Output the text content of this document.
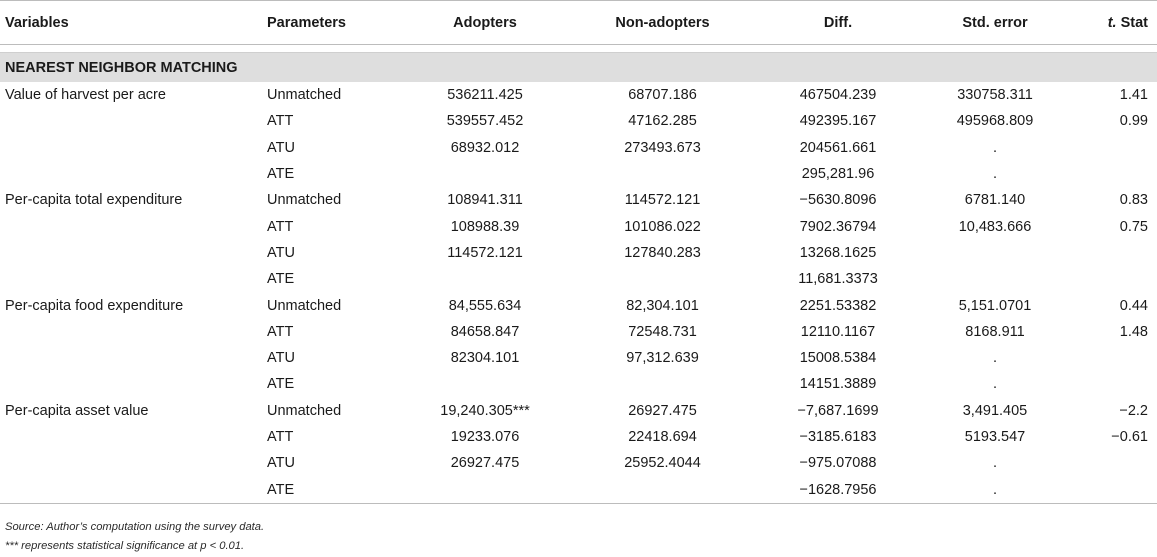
Variables	Parameters	Adopters	Non-adopters	Diff.	Std. error	t. Stat

NEAREST NEIGHBOR MATCHING						
Value of harvest per acre	Unmatched	536211.425	68707.186	467504.239	330758.311	1.41
	ATT	539557.452	47162.285	492395.167	495968.809	0.99
	ATU	68932.012	273493.673	204561.661	.	
	ATE			295,281.96	.	
Per-capita total expenditure	Unmatched	108941.311	114572.121	−5630.8096	6781.140	0.83
	ATT	108988.39	101086.022	7902.36794	10,483.666	0.75
	ATU	114572.121	127840.283	13268.1625		
	ATE			11,681.3373		
Per-capita food expenditure	Unmatched	84,555.634	82,304.101	2251.53382	5,151.0701	0.44
	ATT	84658.847	72548.731	12110.1167	8168.911	1.48
	ATU	82304.101	97,312.639	15008.5384	.	
	ATE			14151.3889	.	
Per-capita asset value	Unmatched	19,240.305***	26927.475	−7,687.1699	3,491.405	−2.2
	ATT	19233.076	22418.694	−3185.6183	5193.547	−0.61
	ATU	26927.475	25952.4044	−975.07088	.	
	ATE			−1628.7956	.	
Source: Author’s computation using the survey data.
*** represents statistical significance at p < 0.01.
